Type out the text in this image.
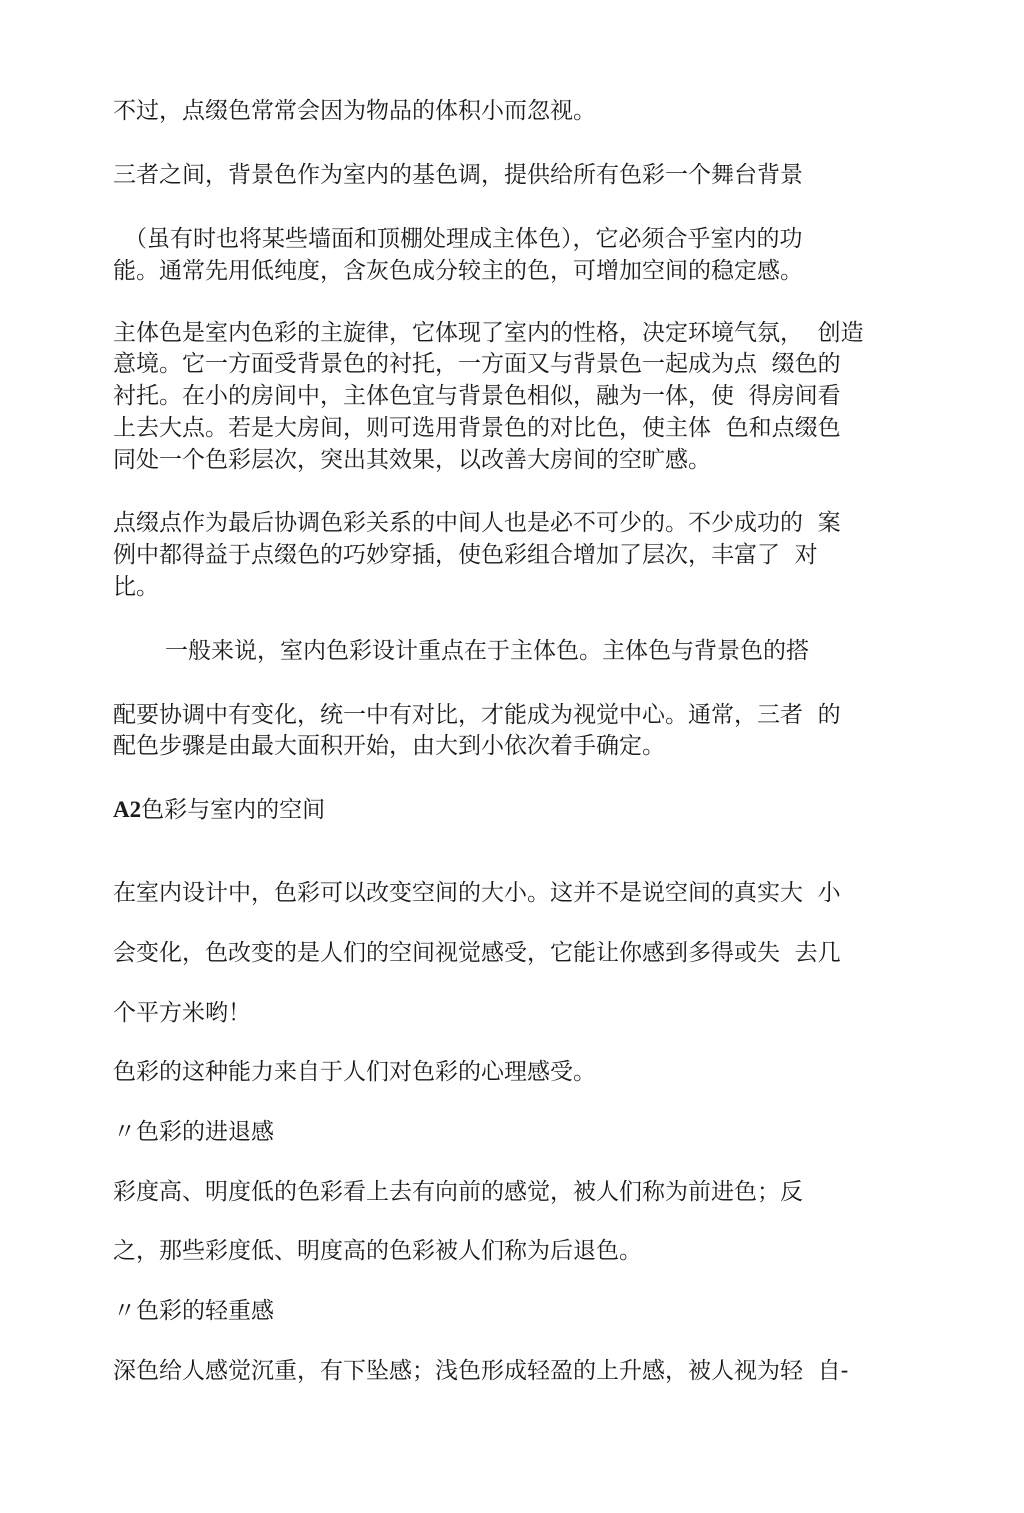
不过，点缀色常常会因为物品的体积小而忽视。

三者之间，背景色作为室内的基色调，提供给所有色彩一个舞台背景

（虽有时也将某些墙面和顶棚处理成主体色），它必须合乎室内的功

能。通常先用低纯度，含灰色成分较主的色，可增加空间的稳定感。

主体色是室内色彩的主旋律，它体现了室内的性格，决定环境气氛，  创造

意境。它一方面受背景色的衬托，一方面又与背景色一起成为点  缀色的

衬托。在小的房间中，主体色宜与背景色相似，融为一体，使  得房间看

上去大点。若是大房间，则可选用背景色的对比色，使主体  色和点缀色

同处一个色彩层次，突出其效果，以改善大房间的空旷感。

点缀点作为最后协调色彩关系的中间人也是必不可少的。不少成功的  案

例中都得益于点缀色的巧妙穿插，使色彩组合增加了层次，丰富了  对

比。

一般来说，室内色彩设计重点在于主体色。主体色与背景色的搭

配要协调中有变化，统一中有对比，才能成为视觉中心。通常，三者  的

配色步骤是由最大面积开始，由大到小依次着手确定。

A2色彩与室内的空间

在室内设计中，色彩可以改变空间的大小。这并不是说空间的真实大  小

会变化，色改变的是人们的空间视觉感受，它能让你感到多得或失  去几

个平方米哟！

色彩的这种能力来自于人们对色彩的心理感受。

〃色彩的进退感

彩度高、明度低的色彩看上去有向前的感觉，被人们称为前进色；反

之，那些彩度低、明度高的色彩被人们称为后退色。

〃色彩的轻重感

深色给人感觉沉重，有下坠感；浅色形成轻盈的上升感，被人视为轻  自-
